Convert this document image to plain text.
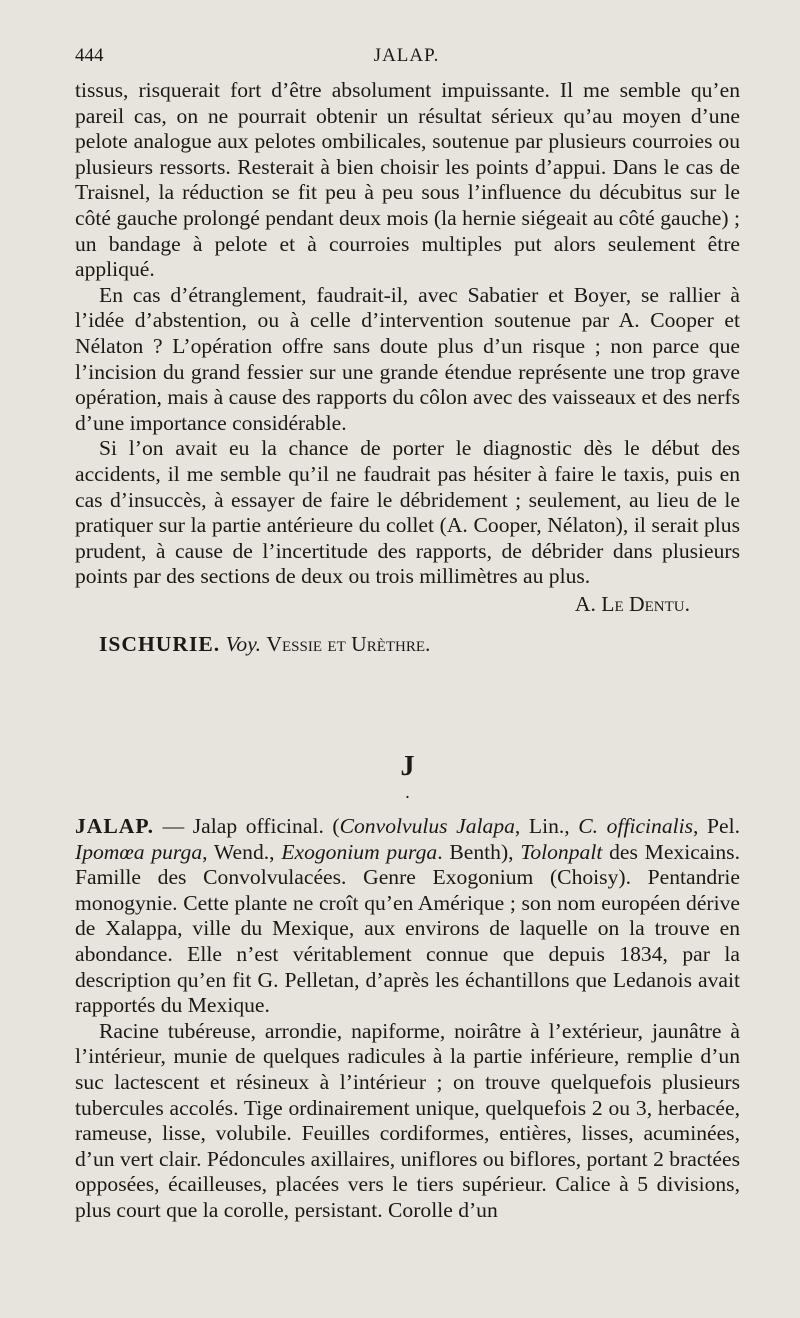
444	JALAP.

tissus, risquerait fort d’être absolument impuissante. Il me semble qu’en pareil cas, on ne pourrait obtenir un résultat sérieux qu’au moyen d’une pelote analogue aux pelotes ombilicales, soutenue par plusieurs courroies ou plusieurs ressorts. Resterait à bien choisir les points d’appui. Dans le cas de Traisnel, la réduction se fit peu à peu sous l’influence du décubitus sur le côté gauche prolongé pendant deux mois (la hernie siégeait au côté gauche) ; un bandage à pelote et à courroies multiples put alors seulement être appliqué.

En cas d’étranglement, faudrait-il, avec Sabatier et Boyer, se rallier à l’idée d’abstention, ou à celle d’intervention soutenue par A. Cooper et Nélaton ? L’opération offre sans doute plus d’un risque ; non parce que l’incision du grand fessier sur une grande étendue représente une trop grave opération, mais à cause des rapports du côlon avec des vaisseaux et des nerfs d’une importance considérable.

Si l’on avait eu la chance de porter le diagnostic dès le début des accidents, il me semble qu’il ne faudrait pas hésiter à faire le taxis, puis en cas d’insuccès, à essayer de faire le débridement ; seulement, au lieu de le pratiquer sur la partie antérieure du collet (A. Cooper, Nélaton), il serait plus prudent, à cause de l’incertitude des rapports, de débrider dans plusieurs points par des sections de deux ou trois millimètres au plus.

A. Le Dentu.

ISCHURIE. Voy. Vessie et Urèthre.

J
.

JALAP. — Jalap officinal. (Convolvulus Jalapa, Lin., C. officinalis, Pel. Ipomœa purga, Wend., Exogonium purga. Benth), Tolonpalt des Mexicains. Famille des Convolvulacées. Genre Exogonium (Choisy). Pentandrie monogynie. Cette plante ne croît qu’en Amérique ; son nom européen dérive de Xalappa, ville du Mexique, aux environs de laquelle on la trouve en abondance. Elle n’est véritablement connue que depuis 1834, par la description qu’en fit G. Pelletan, d’après les échantillons que Ledanois avait rapportés du Mexique.

Racine tubéreuse, arrondie, napiforme, noirâtre à l’extérieur, jaunâtre à l’intérieur, munie de quelques radicules à la partie inférieure, remplie d’un suc lactescent et résineux à l’intérieur ; on trouve quelquefois plusieurs tubercules accolés. Tige ordinairement unique, quelquefois 2 ou 3, herbacée, rameuse, lisse, volubile. Feuilles cordiformes, entières, lisses, acuminées, d’un vert clair. Pédoncules axillaires, uniflores ou biflores, portant 2 bractées opposées, écailleuses, placées vers le tiers supérieur. Calice à 5 divisions, plus court que la corolle, persistant. Corolle d’un
